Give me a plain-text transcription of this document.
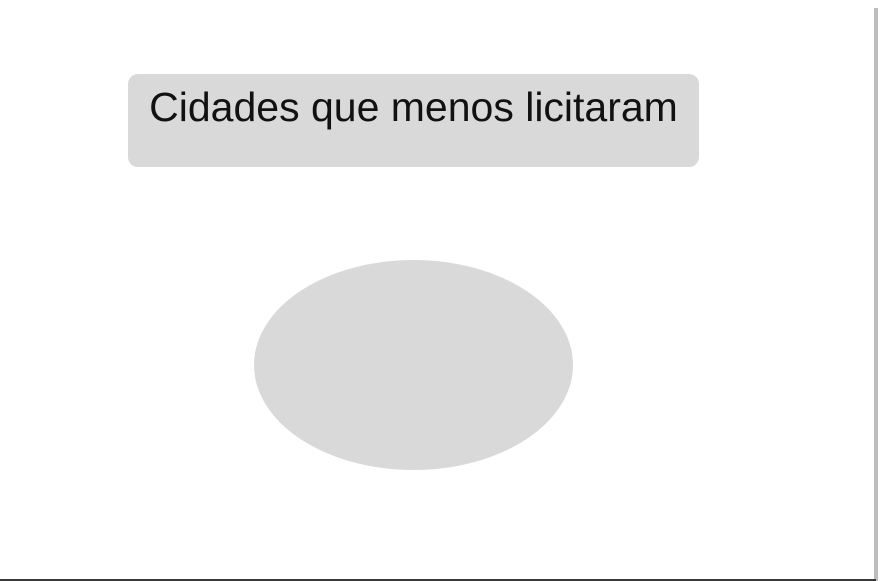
Cidades que menos licitaram
